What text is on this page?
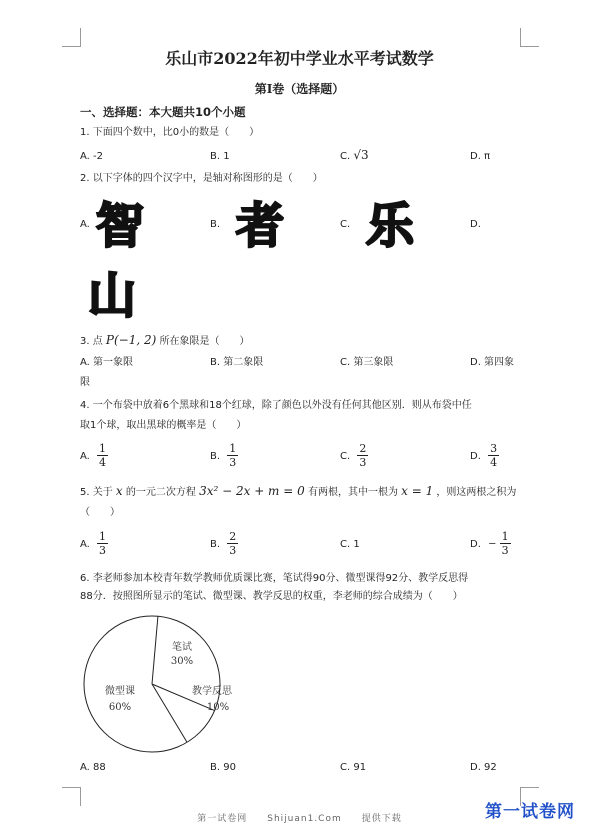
乐山市2022年初中学业水平考试数学
第Ⅰ卷（选择题）
一、选择题：本大题共10个小题
1. 下面四个数中，比0小的数是（　　）
A. -2	B. 1	C. √3	D. π
2. 以下字体的四个汉字中，是轴对称图形的是（　　）
A. 智	B. 者	C. 乐	D.
山
3. 点 P(−1, 2) 所在象限是（　　）
A. 第一象限	B. 第二象限	C. 第三象限	D. 第四象
限
4. 一个布袋中放着6个黑球和18个红球，除了颜色以外没有任何其他区别．则从布袋中任
取1个球，取出黑球的概率是（　　）
A. $\frac{1}{4}$	B. $\frac{1}{3}$	C. $\frac{2}{3}$	D. $\frac{3}{4}$
5. 关于 x 的一元二次方程 3x² − 2x + m = 0 有两根，其中一根为 x = 1 ，则这两根之积为
（　　）
A. $\frac{1}{3}$	B. $\frac{2}{3}$	C. 1	D. − $\frac{1}{3}$
6. 李老师参加本校青年数学教师优质课比赛，笔试得90分、微型课得92分、教学反思得
88分．按照图所显示的笔试、微型课、教学反思的权重，李老师的综合成绩为（　　）
笔试
30%
微型课
60%
教学反思
10%
A. 88	B. 90	C. 91	D. 92
第一试卷网　　Shijuan1.Com　　提供下载	第一试卷网
